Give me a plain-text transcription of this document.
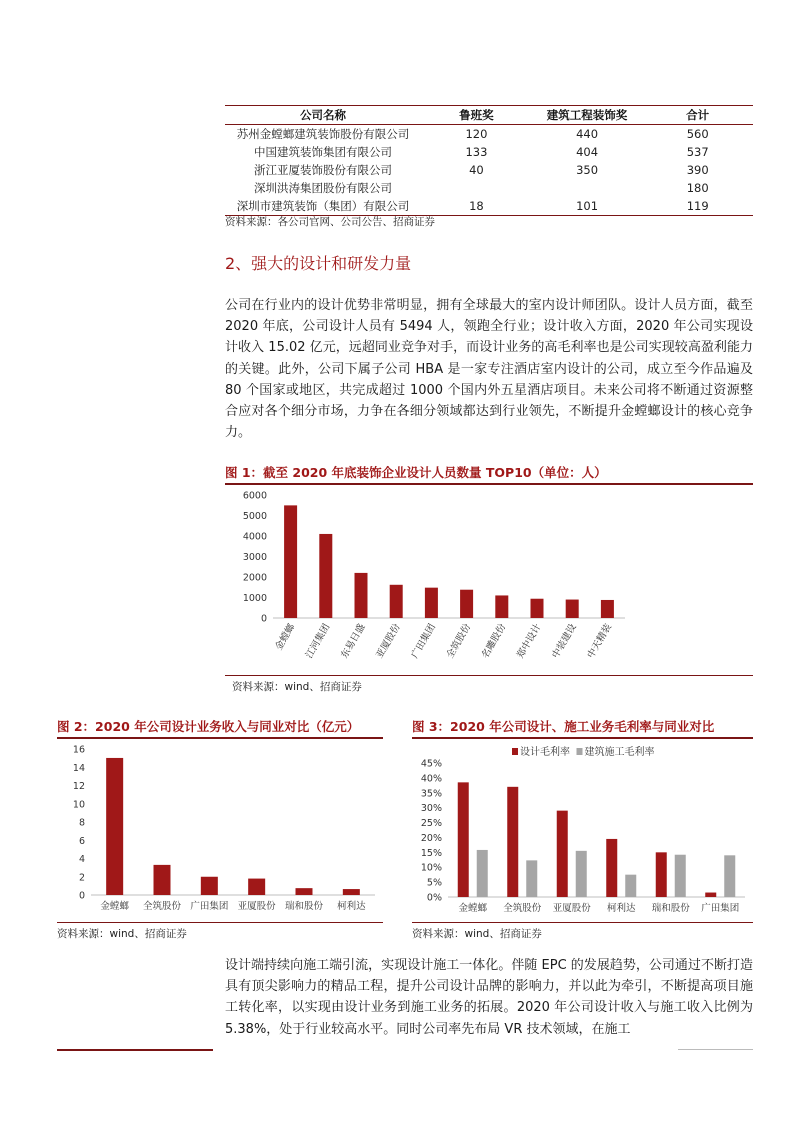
公司名称	鲁班奖	建筑工程装饰奖	合计
苏州金螳螂建筑装饰股份有限公司	120	440	560
中国建筑装饰集团有限公司	133	404	537
浙江亚厦装饰股份有限公司	40	350	390
深圳洪涛集团股份有限公司			180
深圳市建筑装饰（集团）有限公司	18	101	119
资料来源：各公司官网、公司公告、招商证券
2、强大的设计和研发力量
公司在行业内的设计优势非常明显，拥有全球最大的室内设计师团队。设计人员方面，截至 2020 年底，公司设计人员有 5494 人，领跑全行业；设计收入方面，2020 年公司实现设计收入 15.02 亿元，远超同业竞争对手，而设计业务的高毛利率也是公司实现较高盈利能力的关键。此外，公司下属子公司 HBA 是一家专注酒店室内设计的公司，成立至今作品遍及 80 个国家或地区，共完成超过 1000 个国内外五星酒店项目。未来公司将不断通过资源整合应对各个细分市场，力争在各细分领域都达到行业领先，不断提升金螳螂设计的核心竞争力。
图 1：截至 2020 年底装饰企业设计人员数量 TOP10（单位：人）
0
1000
2000
3000
4000
5000
6000
金螳螂 江河集团 东易日盛 亚厦股份 广田集团 全筑股份 名雕股份 郑中设计 中装建设 中天精装
资料来源：wind、招商证券
图 2：2020 年公司设计业务收入与同业对比（亿元）
0
2
4
6
8
10
12
14
16
金螳螂 全筑股份 广田集团 亚厦股份 瑞和股份 柯利达
资料来源：wind、招商证券
图 3：2020 年公司设计、施工业务毛利率与同业对比
0%
5%
10%
15%
20%
25%
30%
35%
40%
45%
金螳螂 全筑股份 亚厦股份 柯利达 瑞和股份 广田集团
设计毛利率 建筑施工毛利率
资料来源：wind、招商证券
设计端持续向施工端引流，实现设计施工一体化。伴随 EPC 的发展趋势，公司通过不断打造具有顶尖影响力的精品工程，提升公司设计品牌的影响力，并以此为牵引，不断提高项目施工转化率，以实现由设计业务到施工业务的拓展。2020 年公司设计收入与施工收入比例为 5.38%，处于行业较高水平。同时公司率先布局 VR 技术领域，在施工
